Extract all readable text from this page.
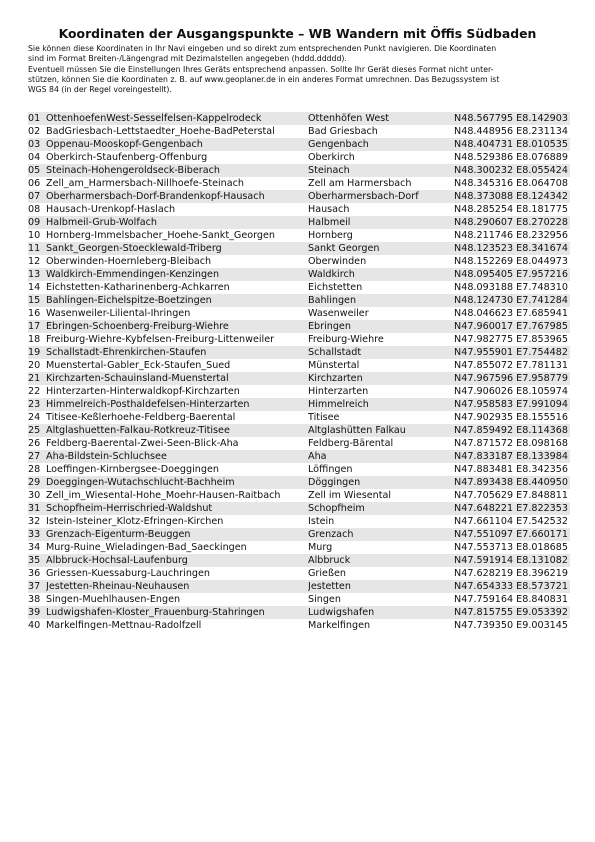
Koordinaten der Ausgangspunkte – WB Wandern mit Öffis Südbaden

Sie können diese Koordinaten in Ihr Navi eingeben und so direkt zum entsprechenden Punkt navigieren. Die Koordinaten

sind im Format Breiten-/Längengrad mit Dezimalstellen angegeben (hddd.ddddd).

Eventuell müssen Sie die Einstellungen Ihres Geräts entsprechend anpassen. Sollte Ihr Gerät dieses Format nicht unter-

stützen, können Sie die Koordinaten z. B. auf www.geoplaner.de in ein anderes Format umrechnen. Das Bezugssystem ist

WGS 84 (in der Regel voreingestellt).

01	OttenhoefenWest-Sesselfelsen-Kappelrodeck	Ottenhöfen West	N48.567795 E8.142903
02	BadGriesbach-Lettstaedter_Hoehe-BadPeterstal	Bad Griesbach	N48.448956 E8.231134
03	Oppenau-Mooskopf-Gengenbach	Gengenbach	N48.404731 E8.010535
04	Oberkirch-Staufenberg-Offenburg	Oberkirch	N48.529386 E8.076889
05	Steinach-Hohengeroldseck-Biberach	Steinach	N48.300232 E8.055424
06	Zell_am_Harmersbach-Nillhoefe-Steinach	Zell am Harmersbach	N48.345316 E8.064708
07	Oberharmersbach-Dorf-Brandenkopf-Hausach	Oberharmersbach-Dorf	N48.373088 E8.124342
08	Hausach-Urenkopf-Haslach	Hausach	N48.285254 E8.181775
09	Halbmeil-Grub-Wolfach	Halbmeil	N48.290607 E8.270228
10	Hornberg-Immelsbacher_Hoehe-Sankt_Georgen	Hornberg	N48.211746 E8.232956
11	Sankt_Georgen-Stoecklewald-Triberg	Sankt Georgen	N48.123523 E8.341674
12	Oberwinden-Hoernleberg-Bleibach	Oberwinden	N48.152269 E8.044973
13	Waldkirch-Emmendingen-Kenzingen	Waldkirch	N48.095405 E7.957216
14	Eichstetten-Katharinenberg-Achkarren	Eichstetten	N48.093188 E7.748310
15	Bahlingen-Eichelspitze-Boetzingen	Bahlingen	N48.124730 E7.741284
16	Wasenweiler-Liliental-Ihringen	Wasenweiler	N48.046623 E7.685941
17	Ebringen-Schoenberg-Freiburg-Wiehre	Ebringen	N47.960017 E7.767985
18	Freiburg-Wiehre-Kybfelsen-Freiburg-Littenweiler	Freiburg-Wiehre	N47.982775 E7.853965
19	Schallstadt-Ehrenkirchen-Staufen	Schallstadt	N47.955901 E7.754482
20	Muenstertal-Gabler_Eck-Staufen_Sued	Münstertal	N47.855072 E7.781131
21	Kirchzarten-Schauinsland-Muenstertal	Kirchzarten	N47.967596 E7.958779
22	Hinterzarten-Hinterwaldkopf-Kirchzarten	Hinterzarten	N47.906026 E8.105974
23	Himmelreich-Posthaldefelsen-Hinterzarten	Himmelreich	N47.958583 E7.991094
24	Titisee-Keßlerhoehe-Feldberg-Baerental	Titisee	N47.902935 E8.155516
25	Altglashuetten-Falkau-Rotkreuz-Titisee	Altglashütten Falkau	N47.859492 E8.114368
26	Feldberg-Baerental-Zwei-Seen-Blick-Aha	Feldberg-Bärental	N47.871572 E8.098168
27	Aha-Bildstein-Schluchsee	Aha	N47.833187 E8.133984
28	Loeffingen-Kirnbergsee-Doeggingen	Löffingen	N47.883481 E8.342356
29	Doeggingen-Wutachschlucht-Bachheim	Döggingen	N47.893438 E8.440950
30	Zell_im_Wiesental-Hohe_Moehr-Hausen-Raitbach	Zell im Wiesental	N47.705629 E7.848811
31	Schopfheim-Herrischried-Waldshut	Schopfheim	N47.648221 E7.822353
32	Istein-Isteiner_Klotz-Efringen-Kirchen	Istein	N47.661104 E7.542532
33	Grenzach-Eigenturm-Beuggen	Grenzach	N47.551097 E7.660171
34	Murg-Ruine_Wieladingen-Bad_Saeckingen	Murg	N47.553713 E8.018685
35	Albbruck-Hochsal-Laufenburg	Albbruck	N47.591914 E8.131082
36	Griessen-Kuessaburg-Lauchringen	Grießen	N47.628219 E8.396219
37	Jestetten-Rheinau-Neuhausen	Jestetten	N47.654333 E8.573721
38	Singen-Muehlhausen-Engen	Singen	N47.759164 E8.840831
39	Ludwigshafen-Kloster_Frauenburg-Stahringen	Ludwigshafen	N47.815755 E9.053392
40	Markelfingen-Mettnau-Radolfzell	Markelfingen	N47.739350 E9.003145
